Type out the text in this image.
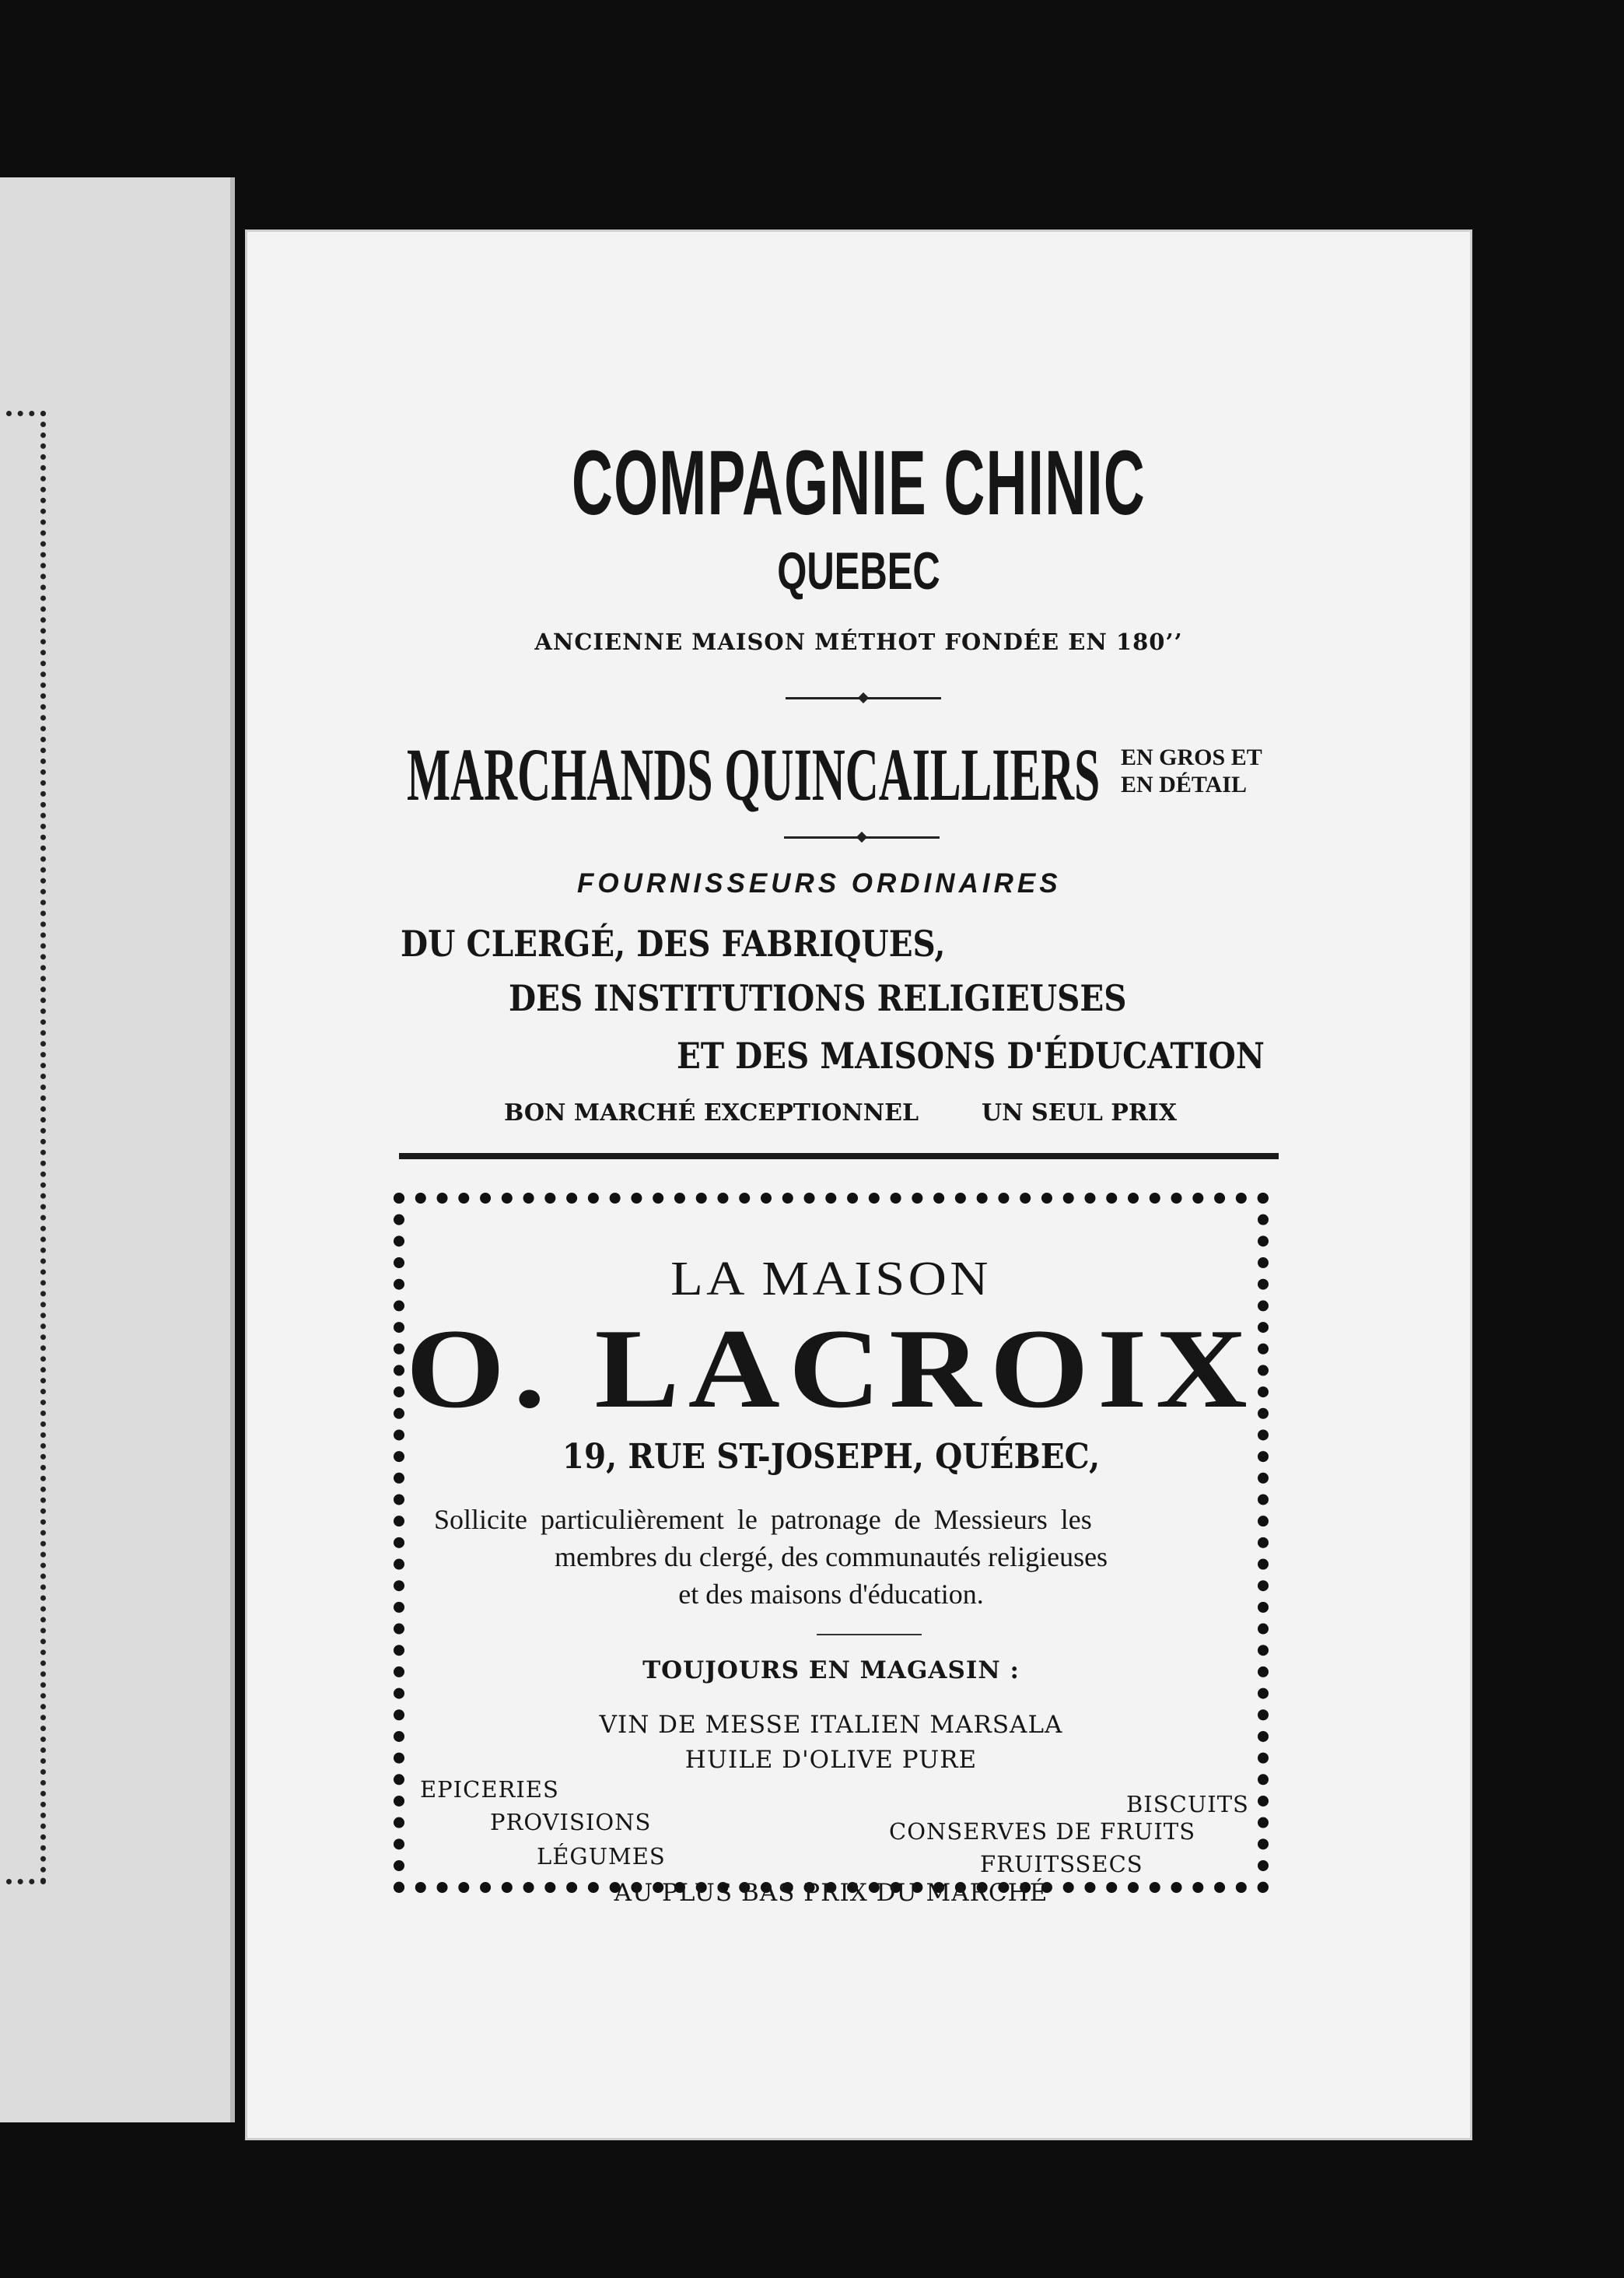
COMPAGNIE CHINIC
QUEBEC
ANCIENNE MAISON MÉTHOT FONDÉE EN 180’’
MARCHANDS QUINCAILLIERS EN GROS ET
EN DÉTAIL
FOURNISSEURS ORDINAIRES
DU CLERGÉ, DES FABRIQUES,
DES INSTITUTIONS RELIGIEUSES
ET DES MAISONS D'ÉDUCATION
BON MARCHÉ EXCEPTIONNEL	UN SEUL PRIX
LA MAISON
O. LACROIX
19, RUE ST-JOSEPH, QUÉBEC,
Sollicite particulièrement le patronage de Messieurs les
membres du clergé, des communautés religieuses
et des maisons d'éducation.
TOUJOURS EN MAGASIN :
VIN DE MESSE ITALIEN MARSALA
HUILE D'OLIVE PURE
EPICERIES
PROVISIONS
LÉGUMES
BISCUITS
CONSERVES DE FRUITS
FRUITSSECS
AU PLUS BAS PRIX DU MARCHÉ
